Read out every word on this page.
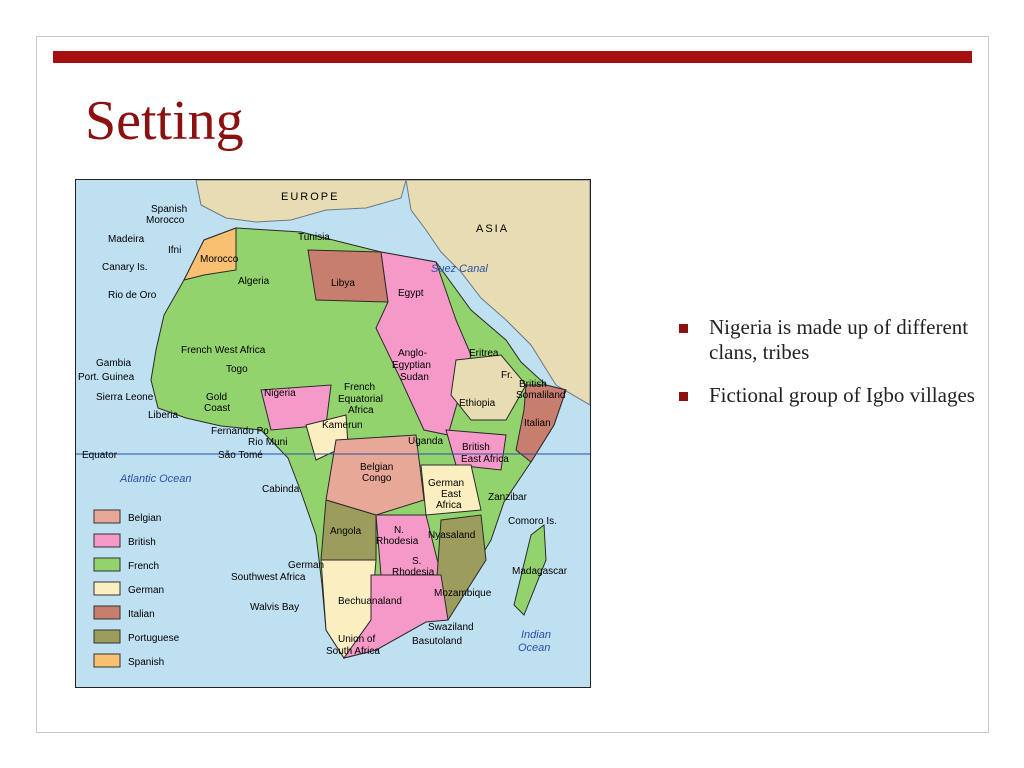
Setting
EUROPE
ASIA
Suez Canal
Spanish
Morocco
Madeira
Ifni
Canary Is.
Rio de Oro
Morocco
Algeria
Tunisia
Libya
Egypt
French West Africa
Gambia
Port. Guinea
Sierra Leone
Liberia
Togo
Gold
Coast
Nigeria
French
Equatorial
Africa
Anglo-
Egyptian
Sudan
Eritrea
Fr.
British
Somaliland
Ethiopia
Italian
Fernando Po
Kamerun
Rio Muni
São Tomé
Uganda
British
East Africa
Belgian
Congo	German
East
Africa
Zanzibar
Cabinda
Comoro Is.
Angola	N.
Rhodesia
Nyasaland
S.
Rhodesia
German
Southwest Africa
Madagascar
Walvis Bay
Bechuanaland
Mozambique
Swaziland
Basutoland
Union of
South Africa
Equator
Atlantic Ocean
Indian
Ocean
Belgian
British
French
German
Italian
Portuguese
Spanish
Nigeria is made up of different clans, tribes
Fictional group of Igbo villages
